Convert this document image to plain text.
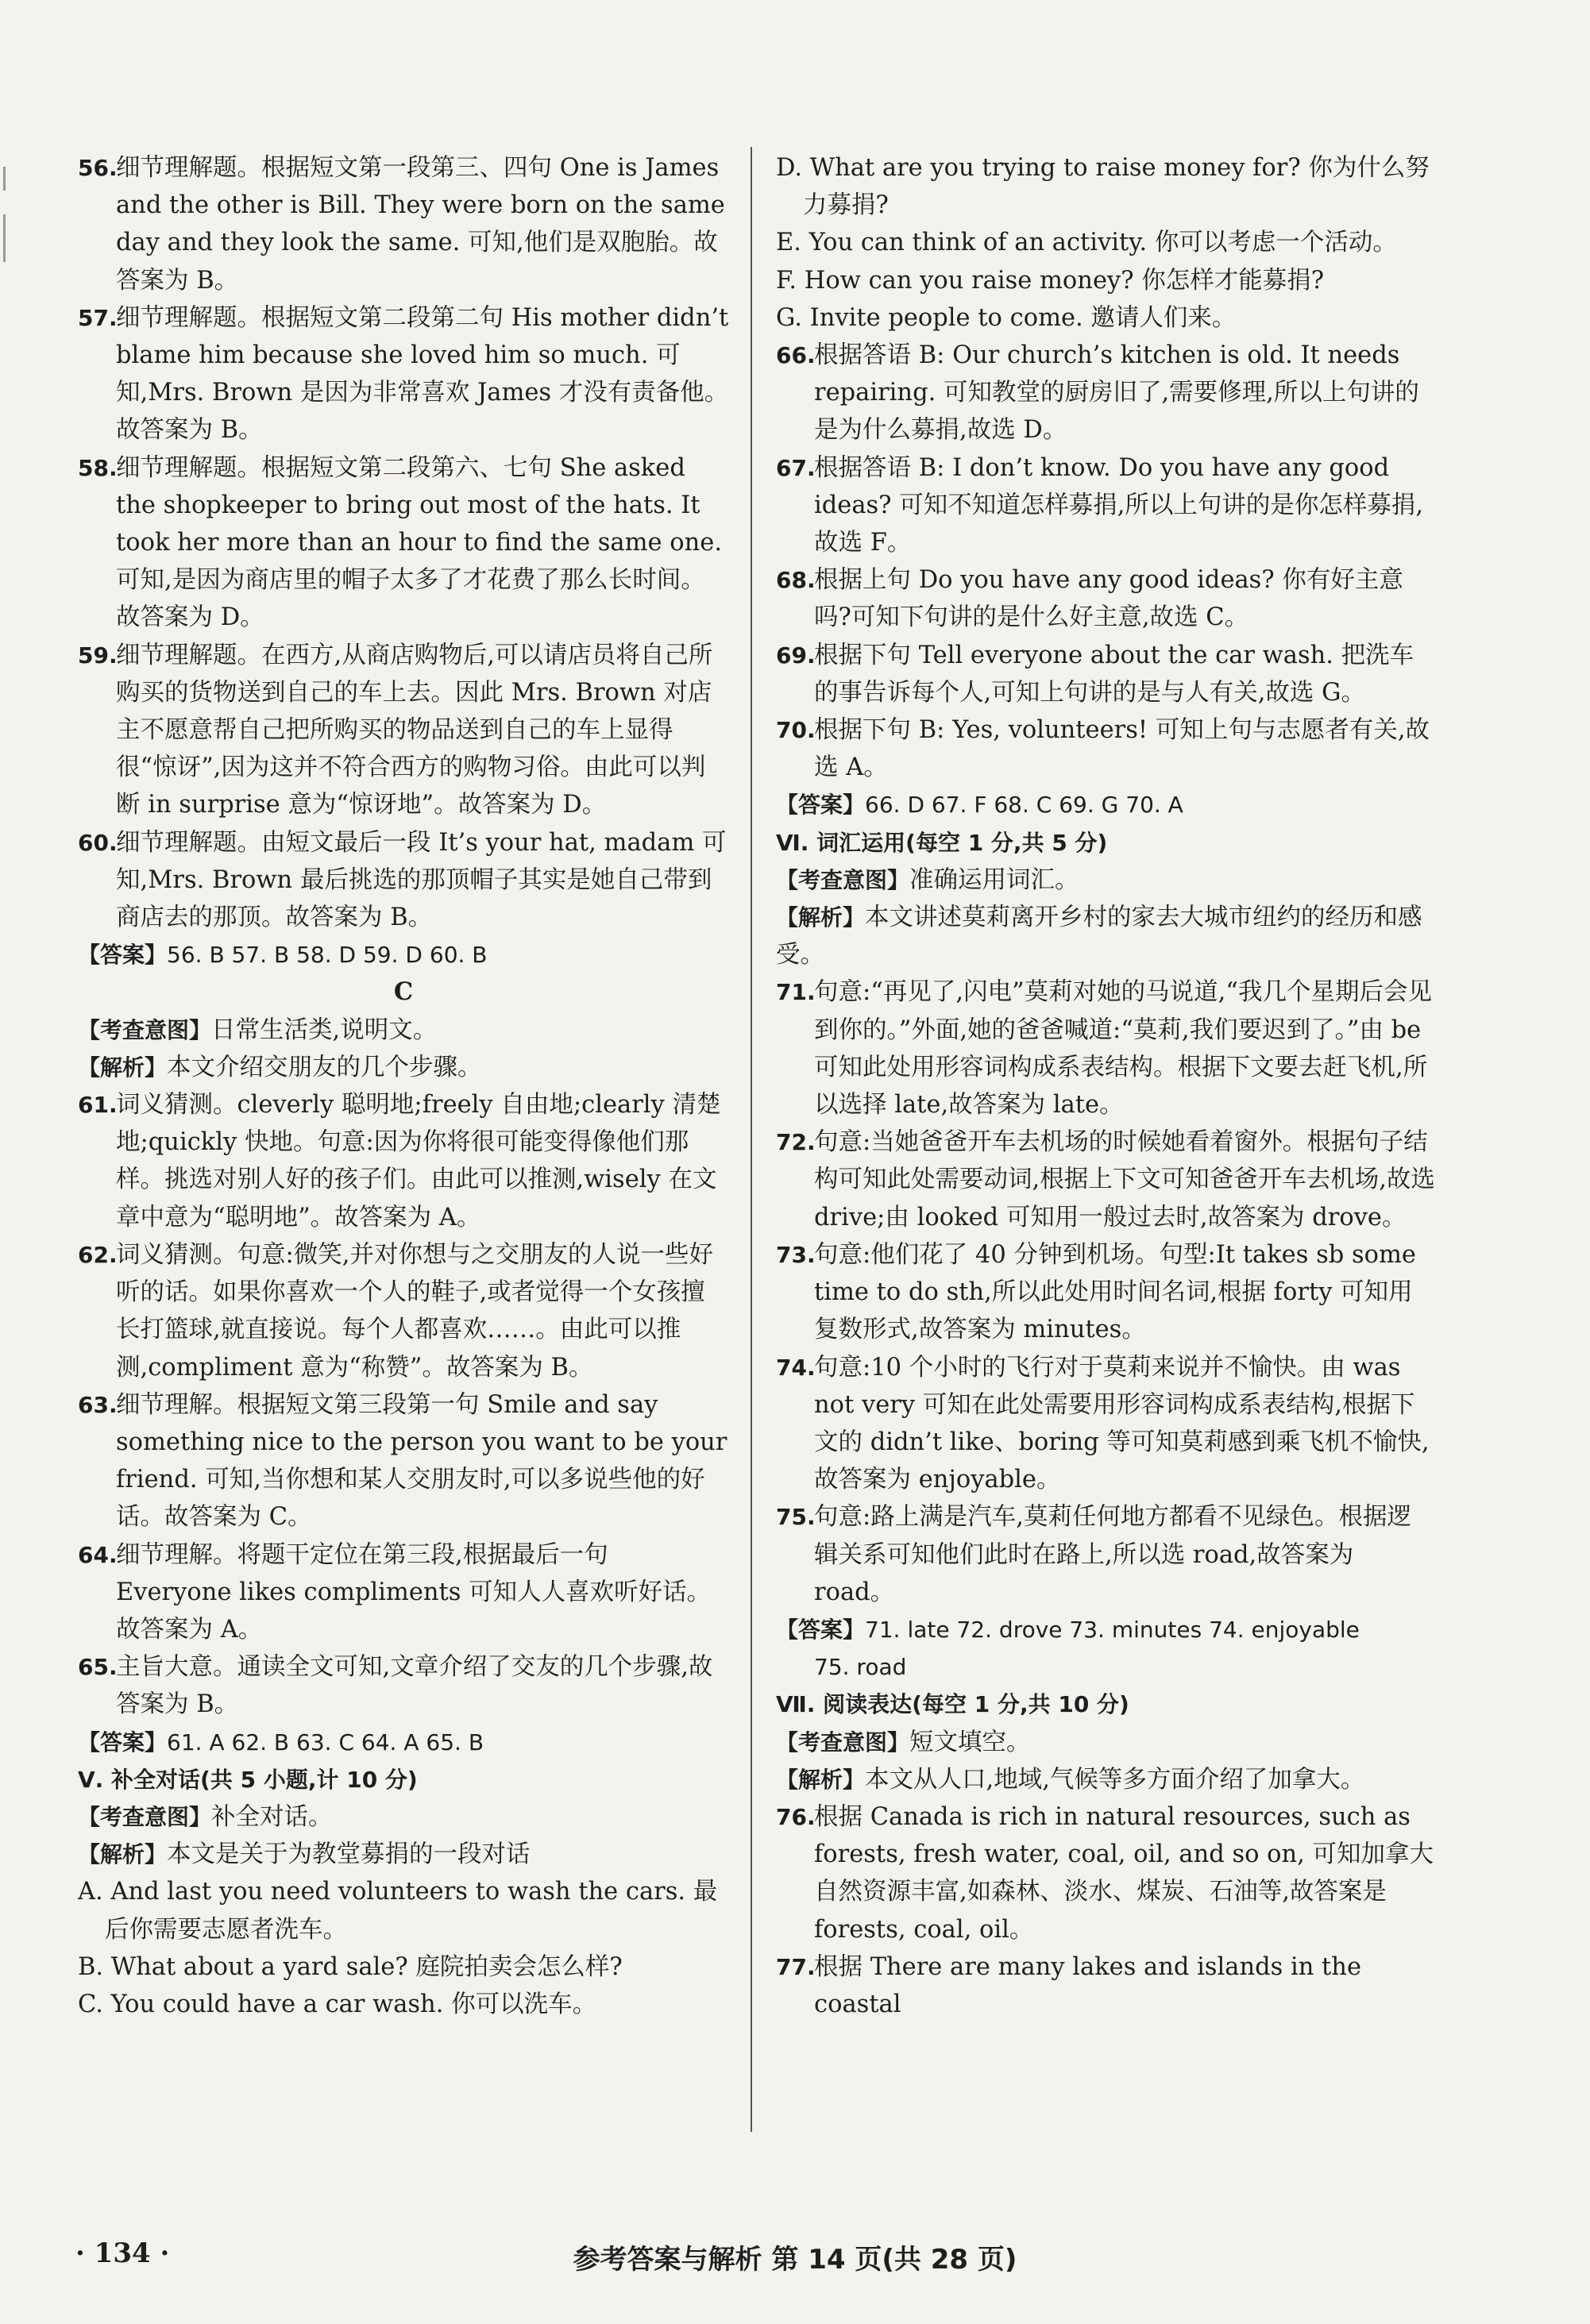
56.
细节理解题。根据短文第一段第三、四句 One is James and the other is Bill. They were born on the same day and they look the same. 可知,他们是双胞胎。故答案为 B。
57.
细节理解题。根据短文第二段第二句 His mother didn’t blame him because she loved him so much. 可知,Mrs. Brown 是因为非常喜欢 James 才没有责备他。故答案为 B。
58.
细节理解题。根据短文第二段第六、七句 She asked the shopkeeper to bring out most of the hats. It took her more than an hour to find the same one. 可知,是因为商店里的帽子太多了才花费了那么长时间。故答案为 D。
59.
细节理解题。在西方,从商店购物后,可以请店员将自己所购买的货物送到自己的车上去。因此 Mrs. Brown 对店主不愿意帮自己把所购买的物品送到自己的车上显得很“惊讶”,因为这并不符合西方的购物习俗。由此可以判断 in surprise 意为“惊讶地”。故答案为 D。
60.
细节理解题。由短文最后一段 It’s your hat, madam 可知,Mrs. Brown 最后挑选的那顶帽子其实是她自己带到商店去的那顶。故答案为 B。
【答案】56. B 57. B 58. D 59. D 60. B
C
【考查意图】日常生活类,说明文。
【解析】本文介绍交朋友的几个步骤。
61.
词义猜测。cleverly 聪明地;freely 自由地;clearly 清楚地;quickly 快地。句意:因为你将很可能变得像他们那样。挑选对别人好的孩子们。由此可以推测,wisely 在文章中意为“聪明地”。故答案为 A。
62.
词义猜测。句意:微笑,并对你想与之交朋友的人说一些好听的话。如果你喜欢一个人的鞋子,或者觉得一个女孩擅长打篮球,就直接说。每个人都喜欢……。由此可以推测,compliment 意为“称赞”。故答案为 B。
63.
细节理解。根据短文第三段第一句 Smile and say something nice to the person you want to be your friend. 可知,当你想和某人交朋友时,可以多说些他的好话。故答案为 C。
64.
细节理解。将题干定位在第三段,根据最后一句 Everyone likes compliments 可知人人喜欢听好话。故答案为 A。
65.
主旨大意。通读全文可知,文章介绍了交友的几个步骤,故答案为 B。
【答案】61. A 62. B 63. C 64. A 65. B
Ⅴ. 补全对话(共 5 小题,计 10 分)
【考查意图】补全对话。
【解析】本文是关于为教堂募捐的一段对话
A. And last you need volunteers to wash the cars. 最后你需要志愿者洗车。
B. What about a yard sale? 庭院拍卖会怎么样?
C. You could have a car wash. 你可以洗车。
D. What are you trying to raise money for? 你为什么努力募捐?
E. You can think of an activity. 你可以考虑一个活动。
F. How can you raise money? 你怎样才能募捐?
G. Invite people to come. 邀请人们来。
66.
根据答语 B: Our church’s kitchen is old. It needs repairing. 可知教堂的厨房旧了,需要修理,所以上句讲的是为什么募捐,故选 D。
67.
根据答语 B: I don’t know. Do you have any good ideas? 可知不知道怎样募捐,所以上句讲的是你怎样募捐,故选 F。
68.
根据上句 Do you have any good ideas? 你有好主意吗?可知下句讲的是什么好主意,故选 C。
69.
根据下句 Tell everyone about the car wash. 把洗车的事告诉每个人,可知上句讲的是与人有关,故选 G。
70.
根据下句 B: Yes, volunteers! 可知上句与志愿者有关,故选 A。
【答案】66. D 67. F 68. C 69. G 70. A
Ⅵ. 词汇运用(每空 1 分,共 5 分)
【考查意图】准确运用词汇。
【解析】本文讲述莫莉离开乡村的家去大城市纽约的经历和感受。
71.
句意:“再见了,闪电”莫莉对她的马说道,“我几个星期后会见到你的。”外面,她的爸爸喊道:“莫莉,我们要迟到了。”由 be 可知此处用形容词构成系表结构。根据下文要去赶飞机,所以选择 late,故答案为 late。
72.
句意:当她爸爸开车去机场的时候她看着窗外。根据句子结构可知此处需要动词,根据上下文可知爸爸开车去机场,故选 drive;由 looked 可知用一般过去时,故答案为 drove。
73.
句意:他们花了 40 分钟到机场。句型:It takes sb some time to do sth,所以此处用时间名词,根据 forty 可知用复数形式,故答案为 minutes。
74.
句意:10 个小时的飞行对于莫莉来说并不愉快。由 was not very 可知在此处需要用形容词构成系表结构,根据下文的 didn’t like、boring 等可知莫莉感到乘飞机不愉快,故答案为 enjoyable。
75.
句意:路上满是汽车,莫莉任何地方都看不见绿色。根据逻辑关系可知他们此时在路上,所以选 road,故答案为 road。
【答案】71. late 72. drove 73. minutes 74. enjoyable
75. road
Ⅶ. 阅读表达(每空 1 分,共 10 分)
【考查意图】短文填空。
【解析】本文从人口,地域,气候等多方面介绍了加拿大。
76.
根据 Canada is rich in natural resources, such as forests, fresh water, coal, oil, and so on, 可知加拿大自然资源丰富,如森林、淡水、煤炭、石油等,故答案是 forests, coal, oil。
77.
根据 There are many lakes and islands in the coastal
· 134 ·	参考答案与解析 第 14 页(共 28 页)
